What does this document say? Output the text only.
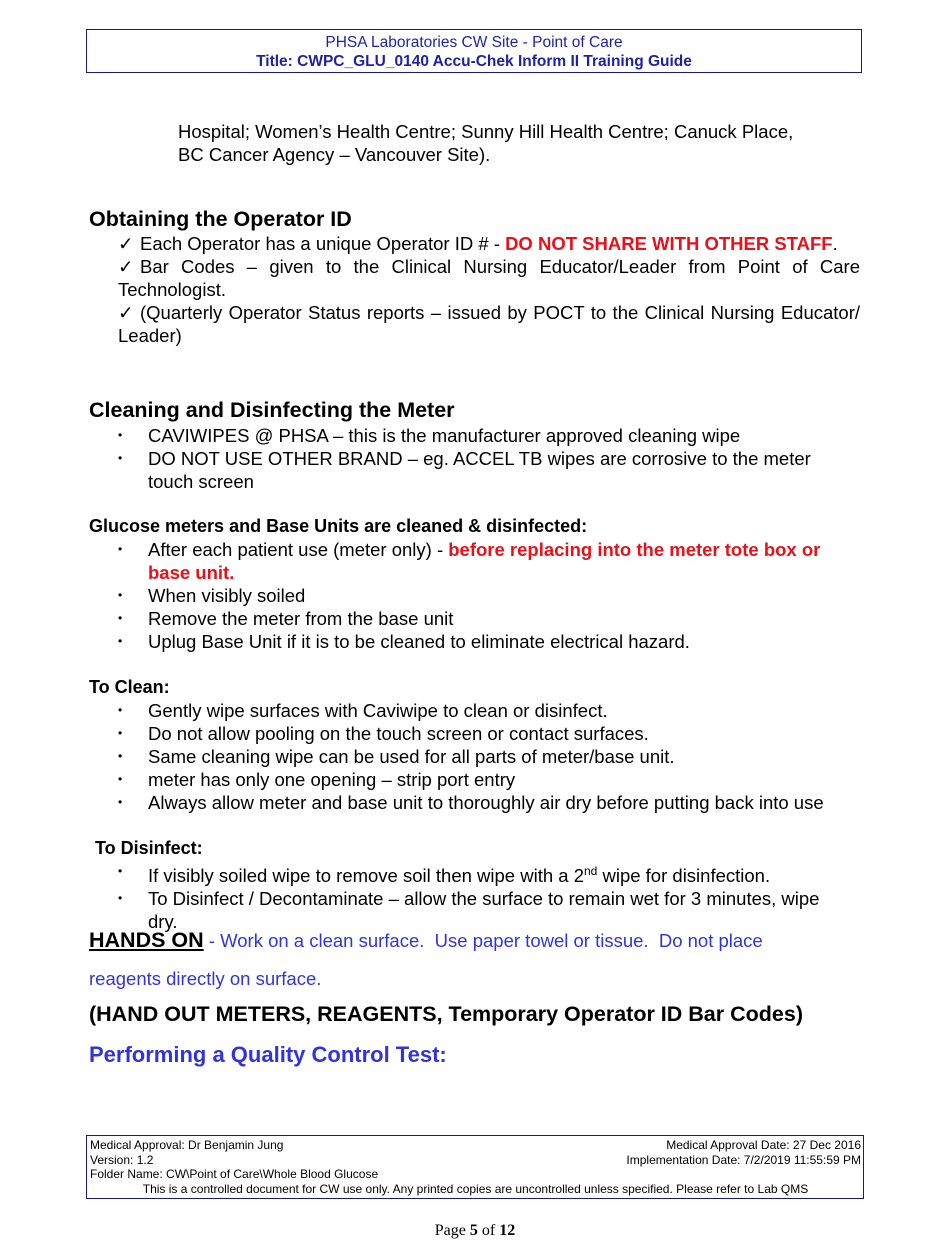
PHSA Laboratories CW Site - Point of Care
Title: CWPC_GLU_0140 Accu-Chek Inform II Training Guide
Hospital; Women’s Health Centre; Sunny Hill Health Centre; Canuck Place,
BC Cancer Agency – Vancouver Site).
Obtaining the Operator ID

✓ Each Operator has a unique Operator ID # - DO NOT SHARE WITH OTHER STAFF.

✓ Bar Codes – given to the Clinical Nursing Educator/Leader from Point of Care Technologist.

✓ (Quarterly Operator Status reports – issued by POCT to the Clinical Nursing Educator/ Leader)

Cleaning and Disinfecting the Meter
• CAVIWIPES @ PHSA – this is the manufacturer approved cleaning wipe
• DO NOT USE OTHER BRAND – eg. ACCEL TB wipes are corrosive to the meter touch screen
Glucose meters and Base Units are cleaned & disinfected:
• After each patient use (meter only) - before replacing into the meter tote box or base unit.
• When visibly soiled
• Remove the meter from the base unit
• Uplug Base Unit if it is to be cleaned to eliminate electrical hazard.
To Clean:
• Gently wipe surfaces with Caviwipe to clean or disinfect.
• Do not allow pooling on the touch screen or contact surfaces.
• Same cleaning wipe can be used for all parts of meter/base unit.
• meter has only one opening – strip port entry
• Always allow meter and base unit to thoroughly air dry before putting back into use
To Disinfect:
• If visibly soiled wipe to remove soil then wipe with a 2nd wipe for disinfection.
• To Disinfect / Decontaminate – allow the surface to remain wet for 3 minutes, wipe dry.
HANDS ON - Work on a clean surface.  Use paper towel or tissue.  Do not place
reagents directly on surface.
(HAND OUT METERS, REAGENTS, Temporary Operator ID Bar Codes)
Performing a Quality Control Test:
Medical Approval: Dr Benjamin Jung	Medical Approval Date: 27 Dec 2016
Version: 1.2	Implementation Date: 7/2/2019 11:55:59 PM
Folder Name: CW\Point of Care\Whole Blood Glucose
This is a controlled document for CW use only. Any printed copies are uncontrolled unless specified. Please refer to Lab QMS
Page 5 of 12
